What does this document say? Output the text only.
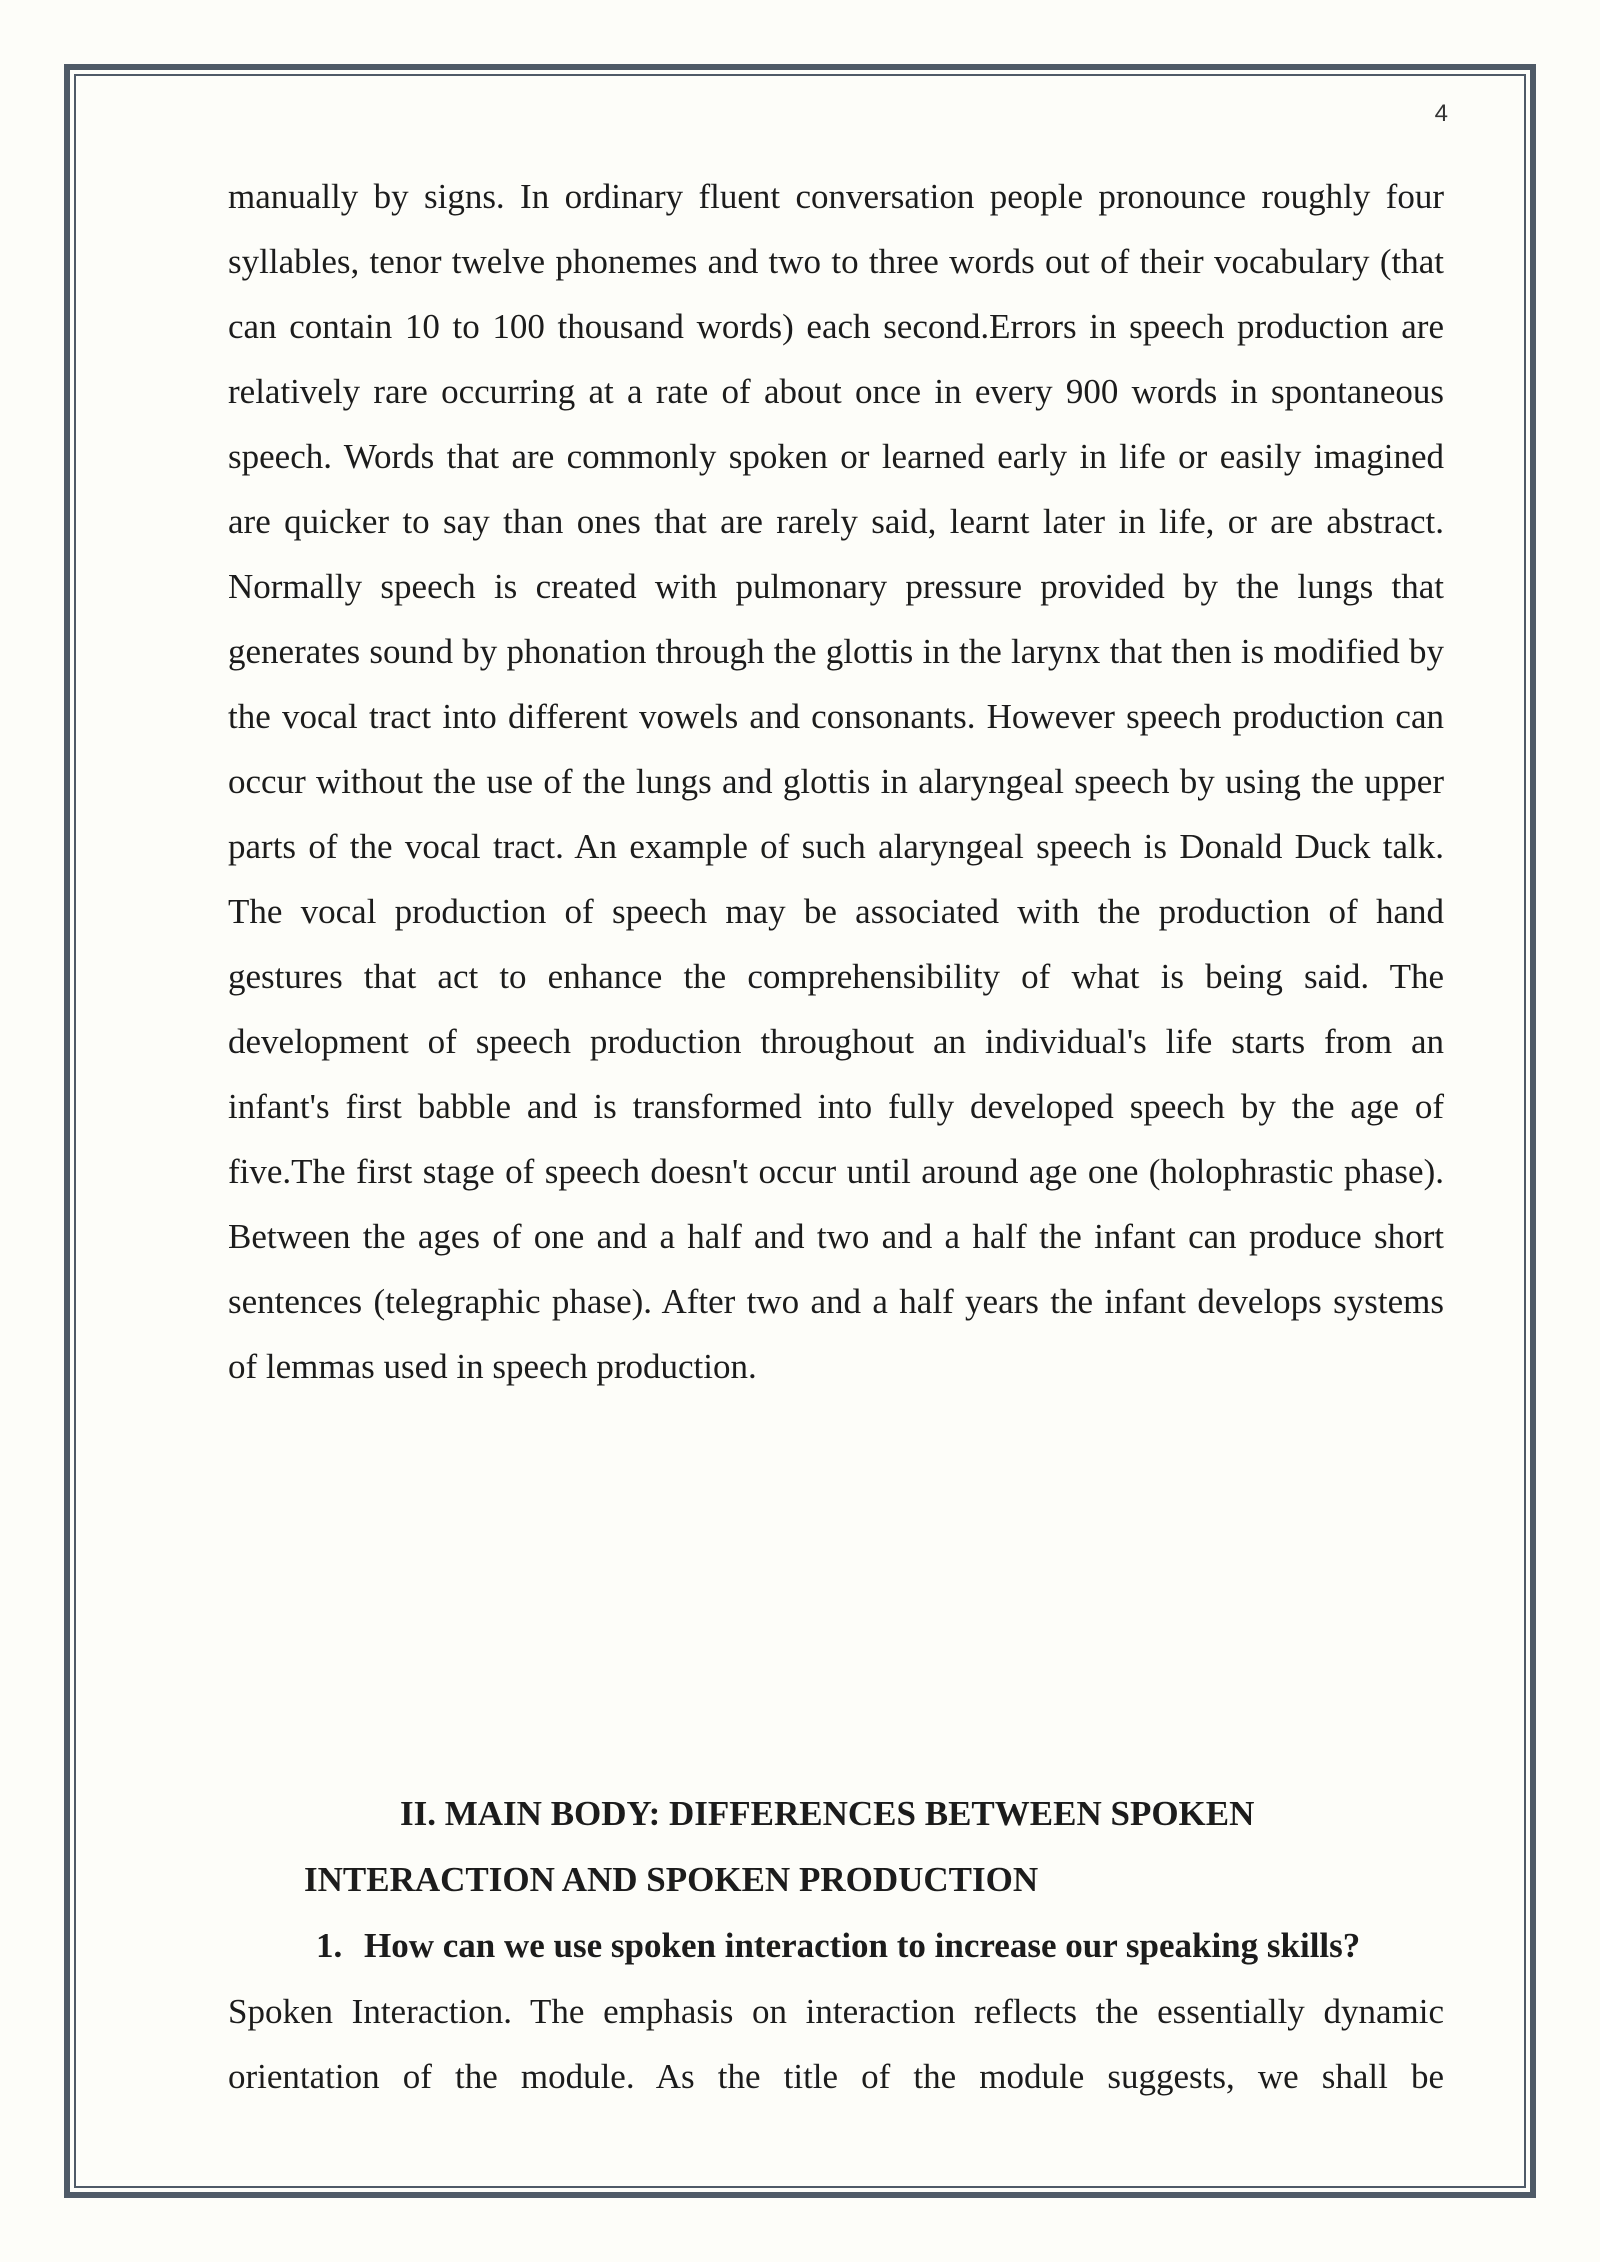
4

manually by signs. In ordinary fluent conversation people pronounce roughly four syllables, tenor twelve phonemes and two to three words out of their vocabulary (that can contain 10 to 100 thousand words) each second.Errors in speech production are relatively rare occurring at a rate of about once in every 900 words in spontaneous speech. Words that are commonly spoken or learned early in life or easily imagined are quicker to say than ones that are rarely said, learnt later in life, or are abstract. Normally speech is created with pulmonary pressure provided by the lungs that generates sound by phonation through the glottis in the larynx that then is modified by the vocal tract into different vowels and consonants. However speech production can occur without the use of the lungs and glottis in alaryngeal speech by using the upper parts of the vocal tract. An example of such alaryngeal speech is Donald Duck talk. The vocal production of speech may be associated with the production of hand gestures that act to enhance the comprehensibility of what is being said. The development of speech production throughout an individual's life starts from an infant's first babble and is transformed into fully developed speech by the age of five.The first stage of speech doesn't occur until around age one (holophrastic phase). Between the ages of one and a half and two and a half the infant can produce short sentences (telegraphic phase). After two and a half years the infant develops systems of lemmas used in speech production.

II. MAIN BODY: DIFFERENCES BETWEEN SPOKEN
INTERACTION AND SPOKEN PRODUCTION
1. How can we use spoken interaction to increase our speaking skills?

Spoken Interaction. The emphasis on interaction reflects the essentially dynamic orientation of the module. As the title of the module suggests, we shall be
